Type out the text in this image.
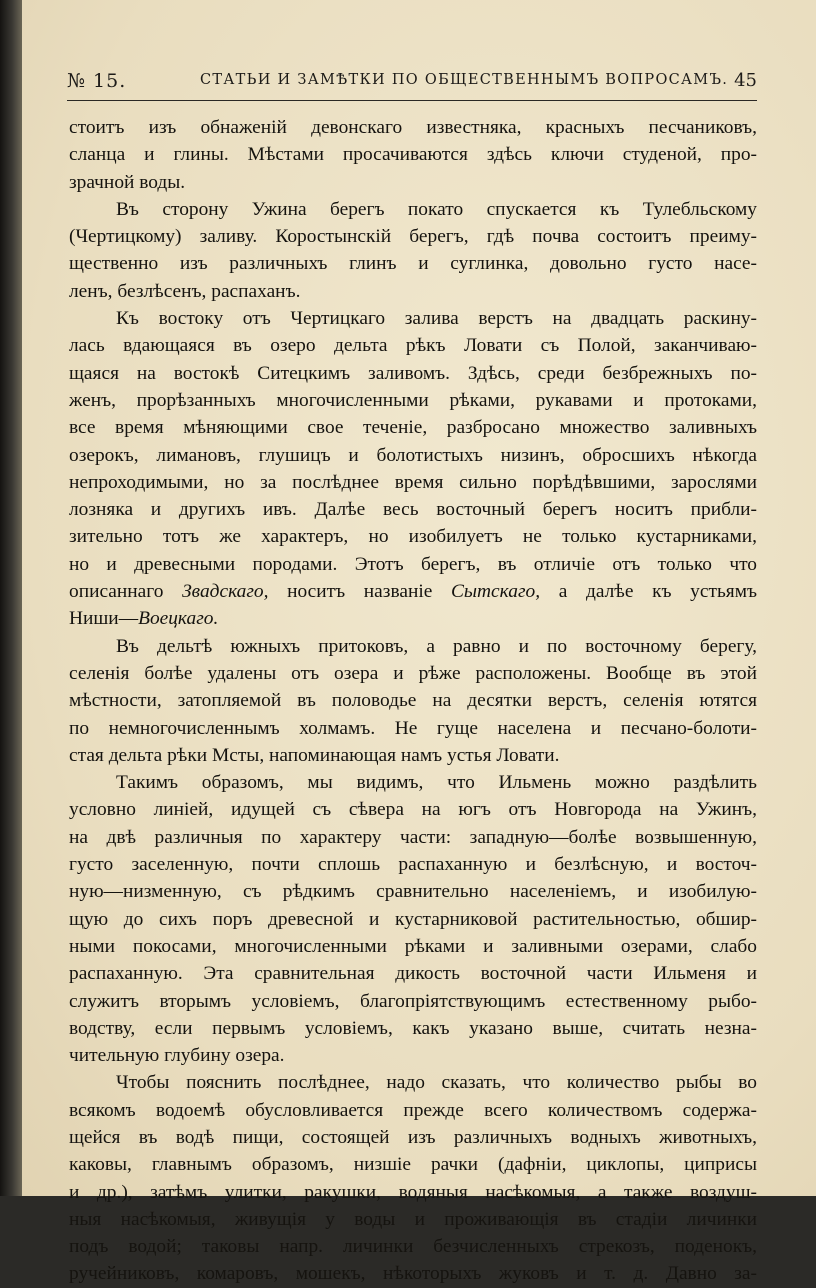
№ 15.	СТАТЬИ И ЗАМѢТКИ ПО ОБЩЕСТВЕННЫМЪ ВОПРОСАМЪ. 45

стоитъ изъ обнаженій девонскаго известняка, красныхъ песчаниковъ,
сланца и глины. Мѣстами просачиваются здѣсь ключи студеной, про-
зрачной воды.

Въ сторону Ужина берегъ покато спускается къ Тулебльскому
(Чертицкому) заливу. Коростынскій берегъ, гдѣ почва состоитъ преиму-
щественно изъ различныхъ глинъ и суглинка, довольно густо насе-
ленъ, безлѣсенъ, распаханъ.

Къ востоку отъ Чертицкаго залива верстъ на двадцать раскину-
лась вдающаяся въ озеро дельта рѣкъ Ловати съ Полой, заканчиваю-
щаяся на востокѣ Ситецкимъ заливомъ. Здѣсь, среди безбрежныхъ по-
женъ, прорѣзанныхъ многочисленными рѣками, рукавами и протоками,
все время мѣняющими свое теченіе, разбросано множество заливныхъ
озерокъ, лимановъ, глушицъ и болотистыхъ низинъ, обросшихъ нѣкогда
непроходимыми, но за послѣднее время сильно порѣдѣвшими, зарослями
лозняка и другихъ ивъ. Далѣе весь восточный берегъ носитъ прибли-
зительно тотъ же характеръ, но изобилуетъ не только кустарниками,
но и древесными породами. Этотъ берегъ, въ отличіе отъ только что
описаннаго Звадскаго, носитъ названіе Сытскаго, а далѣе къ устьямъ
Ниши—Воецкаго.

Въ дельтѣ южныхъ притоковъ, а равно и по восточному берегу,
селенія болѣе удалены отъ озера и рѣже расположены. Вообще въ этой
мѣстности, затопляемой въ половодье на десятки верстъ, селенія ютятся
по немногочисленнымъ холмамъ. Не гуще населена и песчано-болоти-
стая дельта рѣки Мсты, напоминающая намъ устья Ловати.

Такимъ образомъ, мы видимъ, что Ильмень можно раздѣлить
условно линіей, идущей съ сѣвера на югъ отъ Новгорода на Ужинъ,
на двѣ различныя по характеру части: западную—болѣе возвышенную,
густо заселенную, почти сплошь распаханную и безлѣсную, и восточ-
ную—низменную, съ рѣдкимъ сравнительно населеніемъ, и изобилую-
щую до сихъ поръ древесной и кустарниковой растительностью, обшир-
ными покосами, многочисленными рѣками и заливными озерами, слабо
распаханную. Эта сравнительная дикость восточной части Ильменя и
служитъ вторымъ условіемъ, благопріятствующимъ естественному рыбо-
водству, если первымъ условіемъ, какъ указано выше, считать незна-
чительную глубину озера.

Чтобы пояснить послѣднее, надо сказать, что количество рыбы во
всякомъ водоемѣ обусловливается прежде всего количествомъ содержа-
щейся въ водѣ пищи, состоящей изъ различныхъ водныхъ животныхъ,
каковы, главнымъ образомъ, низшіе рачки (дафніи, циклопы, циприсы
и др.), затѣмъ улитки, ракушки, водяныя насѣкомыя, а также воздуш-
ныя насѣкомыя, живущія у воды и проживающія въ стадіи личинки
подъ водой; таковы напр. личинки безчисленныхъ стрекозъ, поденокъ,
ручейниковъ, комаровъ, мошекъ, нѣкоторыхъ жуковъ и т. д. Давно за-
